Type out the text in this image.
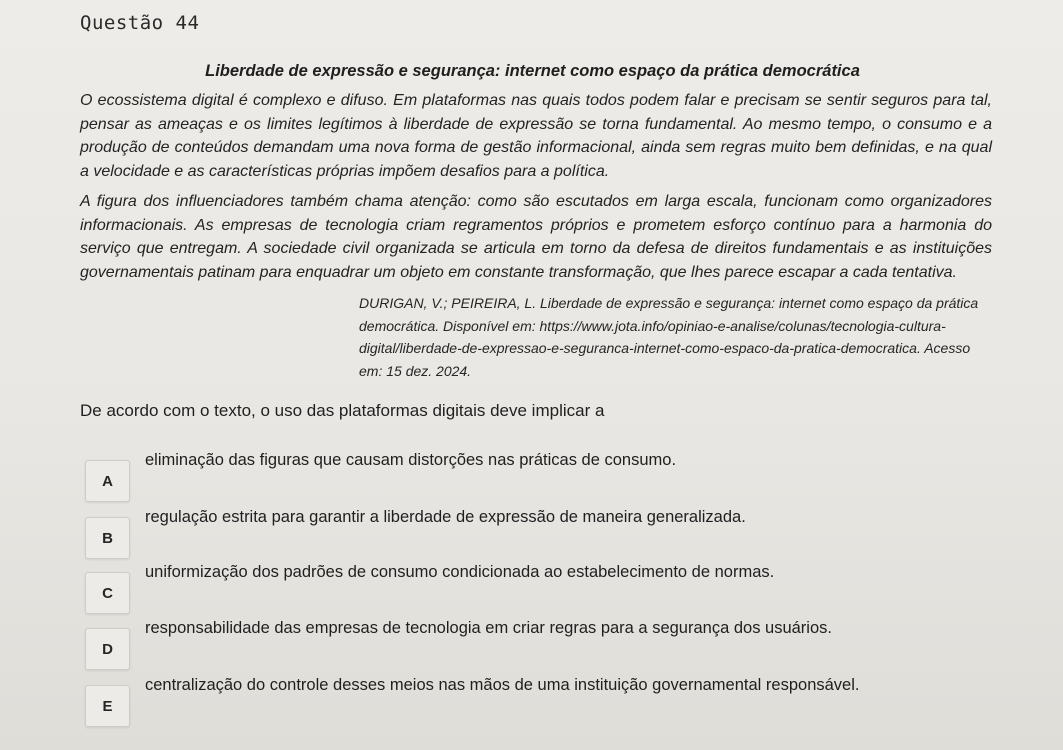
Questão 44
Liberdade de expressão e segurança: internet como espaço da prática democrática

O ecossistema digital é complexo e difuso. Em plataformas nas quais todos podem falar e precisam se sentir seguros para tal, pensar as ameaças e os limites legítimos à liberdade de expressão se torna fundamental. Ao mesmo tempo, o consumo e a produção de conteúdos demandam uma nova forma de gestão informacional, ainda sem regras muito bem definidas, e na qual a velocidade e as características próprias impõem desafios para a política.

A figura dos influenciadores também chama atenção: como são escutados em larga escala, funcionam como organizadores informacionais. As empresas de tecnologia criam regramentos próprios e prometem esforço contínuo para a harmonia do serviço que entregam. A sociedade civil organizada se articula em torno da defesa de direitos fundamentais e as instituições governamentais patinam para enquadrar um objeto em constante transformação, que lhes parece escapar a cada tentativa.

DURIGAN, V.; PEIREIRA, L. Liberdade de expressão e segurança: internet como espaço da prática democrática. Disponível em: https://www.jota.info/opiniao-e-analise/colunas/tecnologia-cultura-digital/liberdade-de-expressao-e-seguranca-internet-como-espaco-da-pratica-democratica. Acesso em: 15 dez. 2024.

De acordo com o texto, o uso das plataformas digitais deve implicar a
A
eliminação das figuras que causam distorções nas práticas de consumo.
B
regulação estrita para garantir a liberdade de expressão de maneira generalizada.
C
uniformização dos padrões de consumo condicionada ao estabelecimento de normas.
D
responsabilidade das empresas de tecnologia em criar regras para a segurança dos usuários.
E
centralização do controle desses meios nas mãos de uma instituição governamental responsável.
